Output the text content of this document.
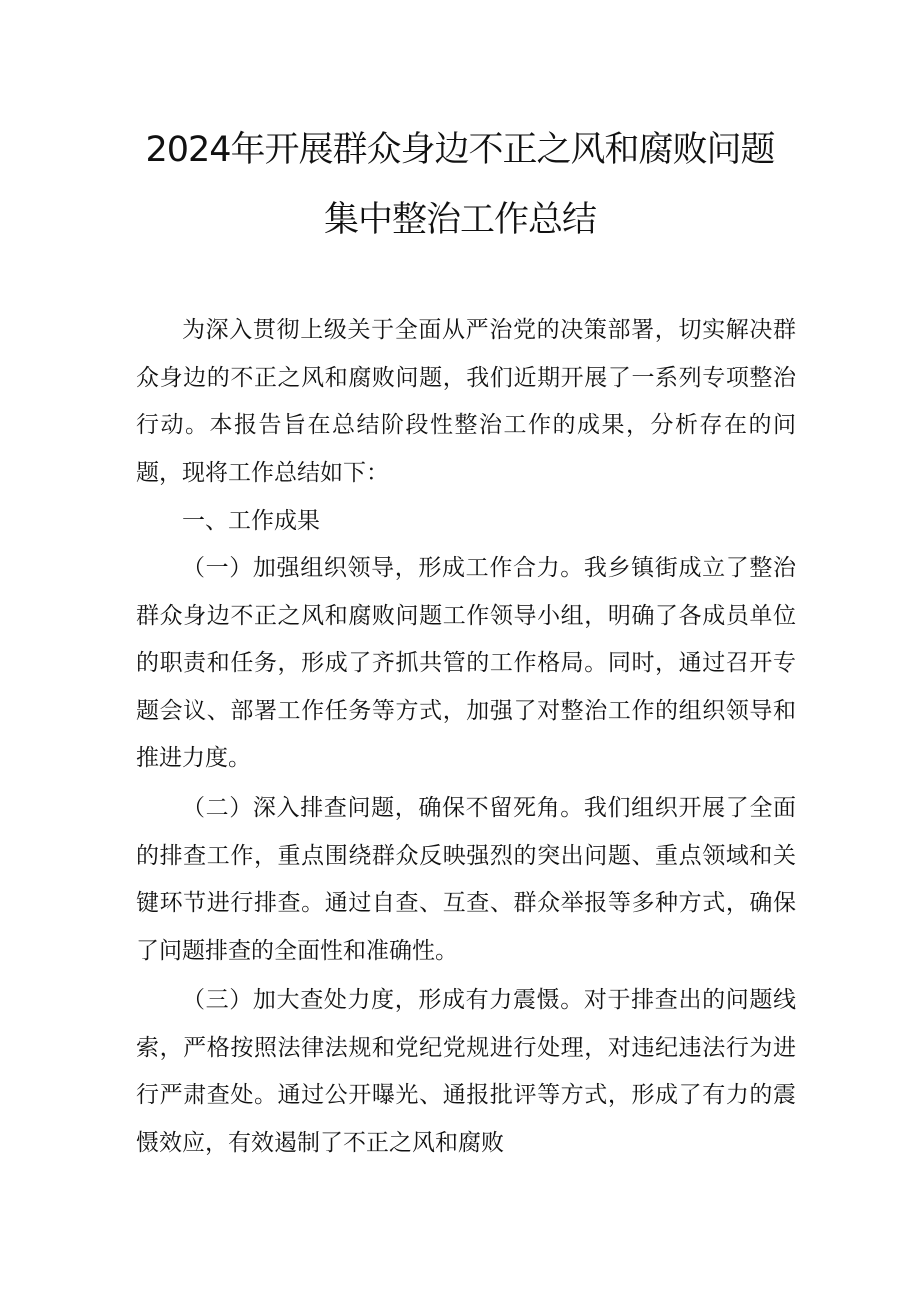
2024年开展群众身边不正之风和腐败问题
集中整治工作总结

为深入贯彻上级关于全面从严治党的决策部署，切实解决群众身边的不正之风和腐败问题，我们近期开展了一系列专项整治行动。本报告旨在总结阶段性整治工作的成果，分析存在的问题，现将工作总结如下：

一、工作成果

（一）加强组织领导，形成工作合力。我乡镇街成立了整治群众身边不正之风和腐败问题工作领导小组，明确了各成员单位的职责和任务，形成了齐抓共管的工作格局。同时，通过召开专题会议、部署工作任务等方式，加强了对整治工作的组织领导和推进力度。

（二）深入排查问题，确保不留死角。我们组织开展了全面的排查工作，重点围绕群众反映强烈的突出问题、重点领域和关键环节进行排查。通过自查、互查、群众举报等多种方式，确保了问题排查的全面性和准确性。

（三）加大查处力度，形成有力震慑。对于排查出的问题线索，严格按照法律法规和党纪党规进行处理，对违纪违法行为进行严肃查处。通过公开曝光、通报批评等方式，形成了有力的震慑效应，有效遏制了不正之风和腐败
